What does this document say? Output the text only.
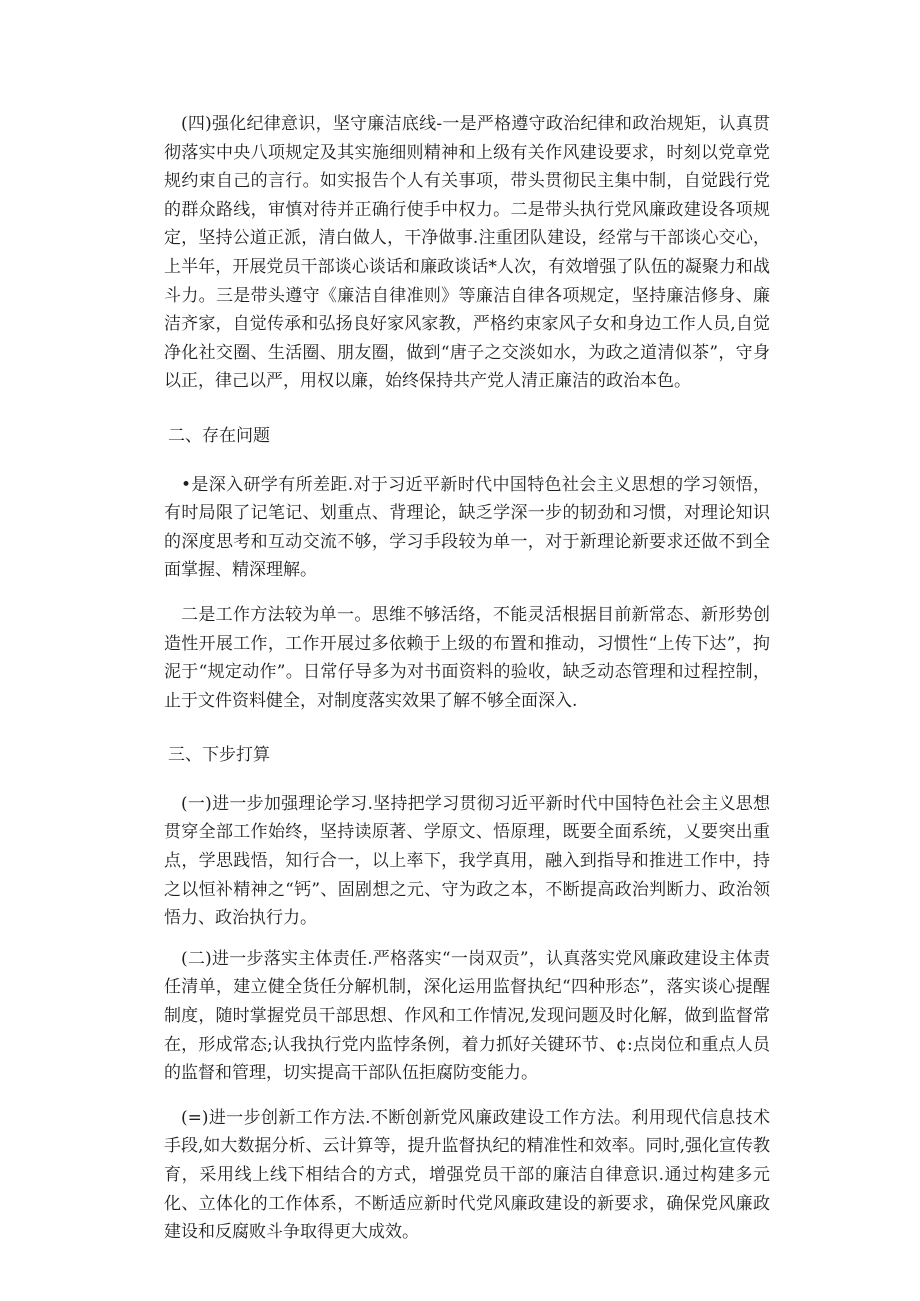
(四)强化纪律意识，坚守廉洁底线-一是严格遵守政治纪律和政治规矩，认真贯彻落实中央八项规定及其实施细则精神和上级有关作风建设要求，时刻以党章党规约束自己的言行。如实报告个人有关事项，带头贯彻民主集中制，自觉践行党的群众路线，审慎对待并正确行使手中权力。二是带头执行党风廉政建设各项规定，坚持公道正派，清白做人，干净做事.注重团队建设，经常与干部谈心交心，上半年，开展党员干部谈心谈话和廉政谈话*人次，有效增强了队伍的凝聚力和战斗力。三是带头遵守《廉洁自律准则》等廉洁自律各项规定，坚持廉洁修身、廉洁齐家，自觉传承和弘扬良好家风家教，严格约束家风子女和身边工作人员,自觉净化社交圈、生活圈、朋友圈，做到“唐子之交淡如水，为政之道清似茶”，守身以正，律己以严，用权以廉，始终保持共产党人清正廉洁的政治本色。

二、存在问题

•是深入研学有所差距.对于习近平新时代中国特色社会主义思想的学习领悟，有时局限了记笔记、划重点、背理论，缺乏学深一步的韧劲和习惯，对理论知识的深度思考和互动交流不够，学习手段较为单一，对于新理论新要求还做不到全面掌握、精深理解。

二是工作方法较为单一。思维不够活络，不能灵活根据目前新常态、新形势创造性开展工作，工作开展过多依赖于上级的布置和推动，习惯性“上传下达”，拘泥于“规定动作”。日常仔导多为对书面资料的验收，缺乏动态管理和过程控制，止于文件资料健全，对制度落实效果了解不够全面深入.

三、下步打算

(一)进一步加强理论学习.坚持把学习贯彻习近平新时代中国特色社会主义思想贯穿全部工作始终，坚持读原著、学原文、悟原理，既要全面系统，乂要突出重点，学思践悟，知行合一，以上率下，我学真用，融入到指导和推进工作中，持之以恒补精神之“钙”、固剧想之元、守为政之本，不断提高政治判断力、政治领悟力、政治执行力。

(二)进一步落实主体责任.严格落实“一岗双贡”，认真落实党风廉政建设主体责任清单，建立健全货任分解机制，深化运用监督执纪“四种形态”，落实谈心提醒制度，随时掌握党员干部思想、作风和工作情况,发现问题及时化解，做到监督常在，形成常态;认我执行党内监悖条例，着力抓好关键环节、¢:点岗位和重点人员的监督和管理，切实提高干部队伍拒腐防变能力。

(=)进一步创新工作方法.不断创新党风廉政建设工作方法。利用现代信息技术手段,如大数据分析、云计算等，提升监督执纪的精准性和效率。同时,强化宣传教育，采用线上线下相结合的方式，增强党员干部的廉洁自律意识.通过构建多元化、立体化的工作体系，不断适应新时代党风廉政建设的新要求，确保党风廉政建设和反腐败斗争取得更大成效。
